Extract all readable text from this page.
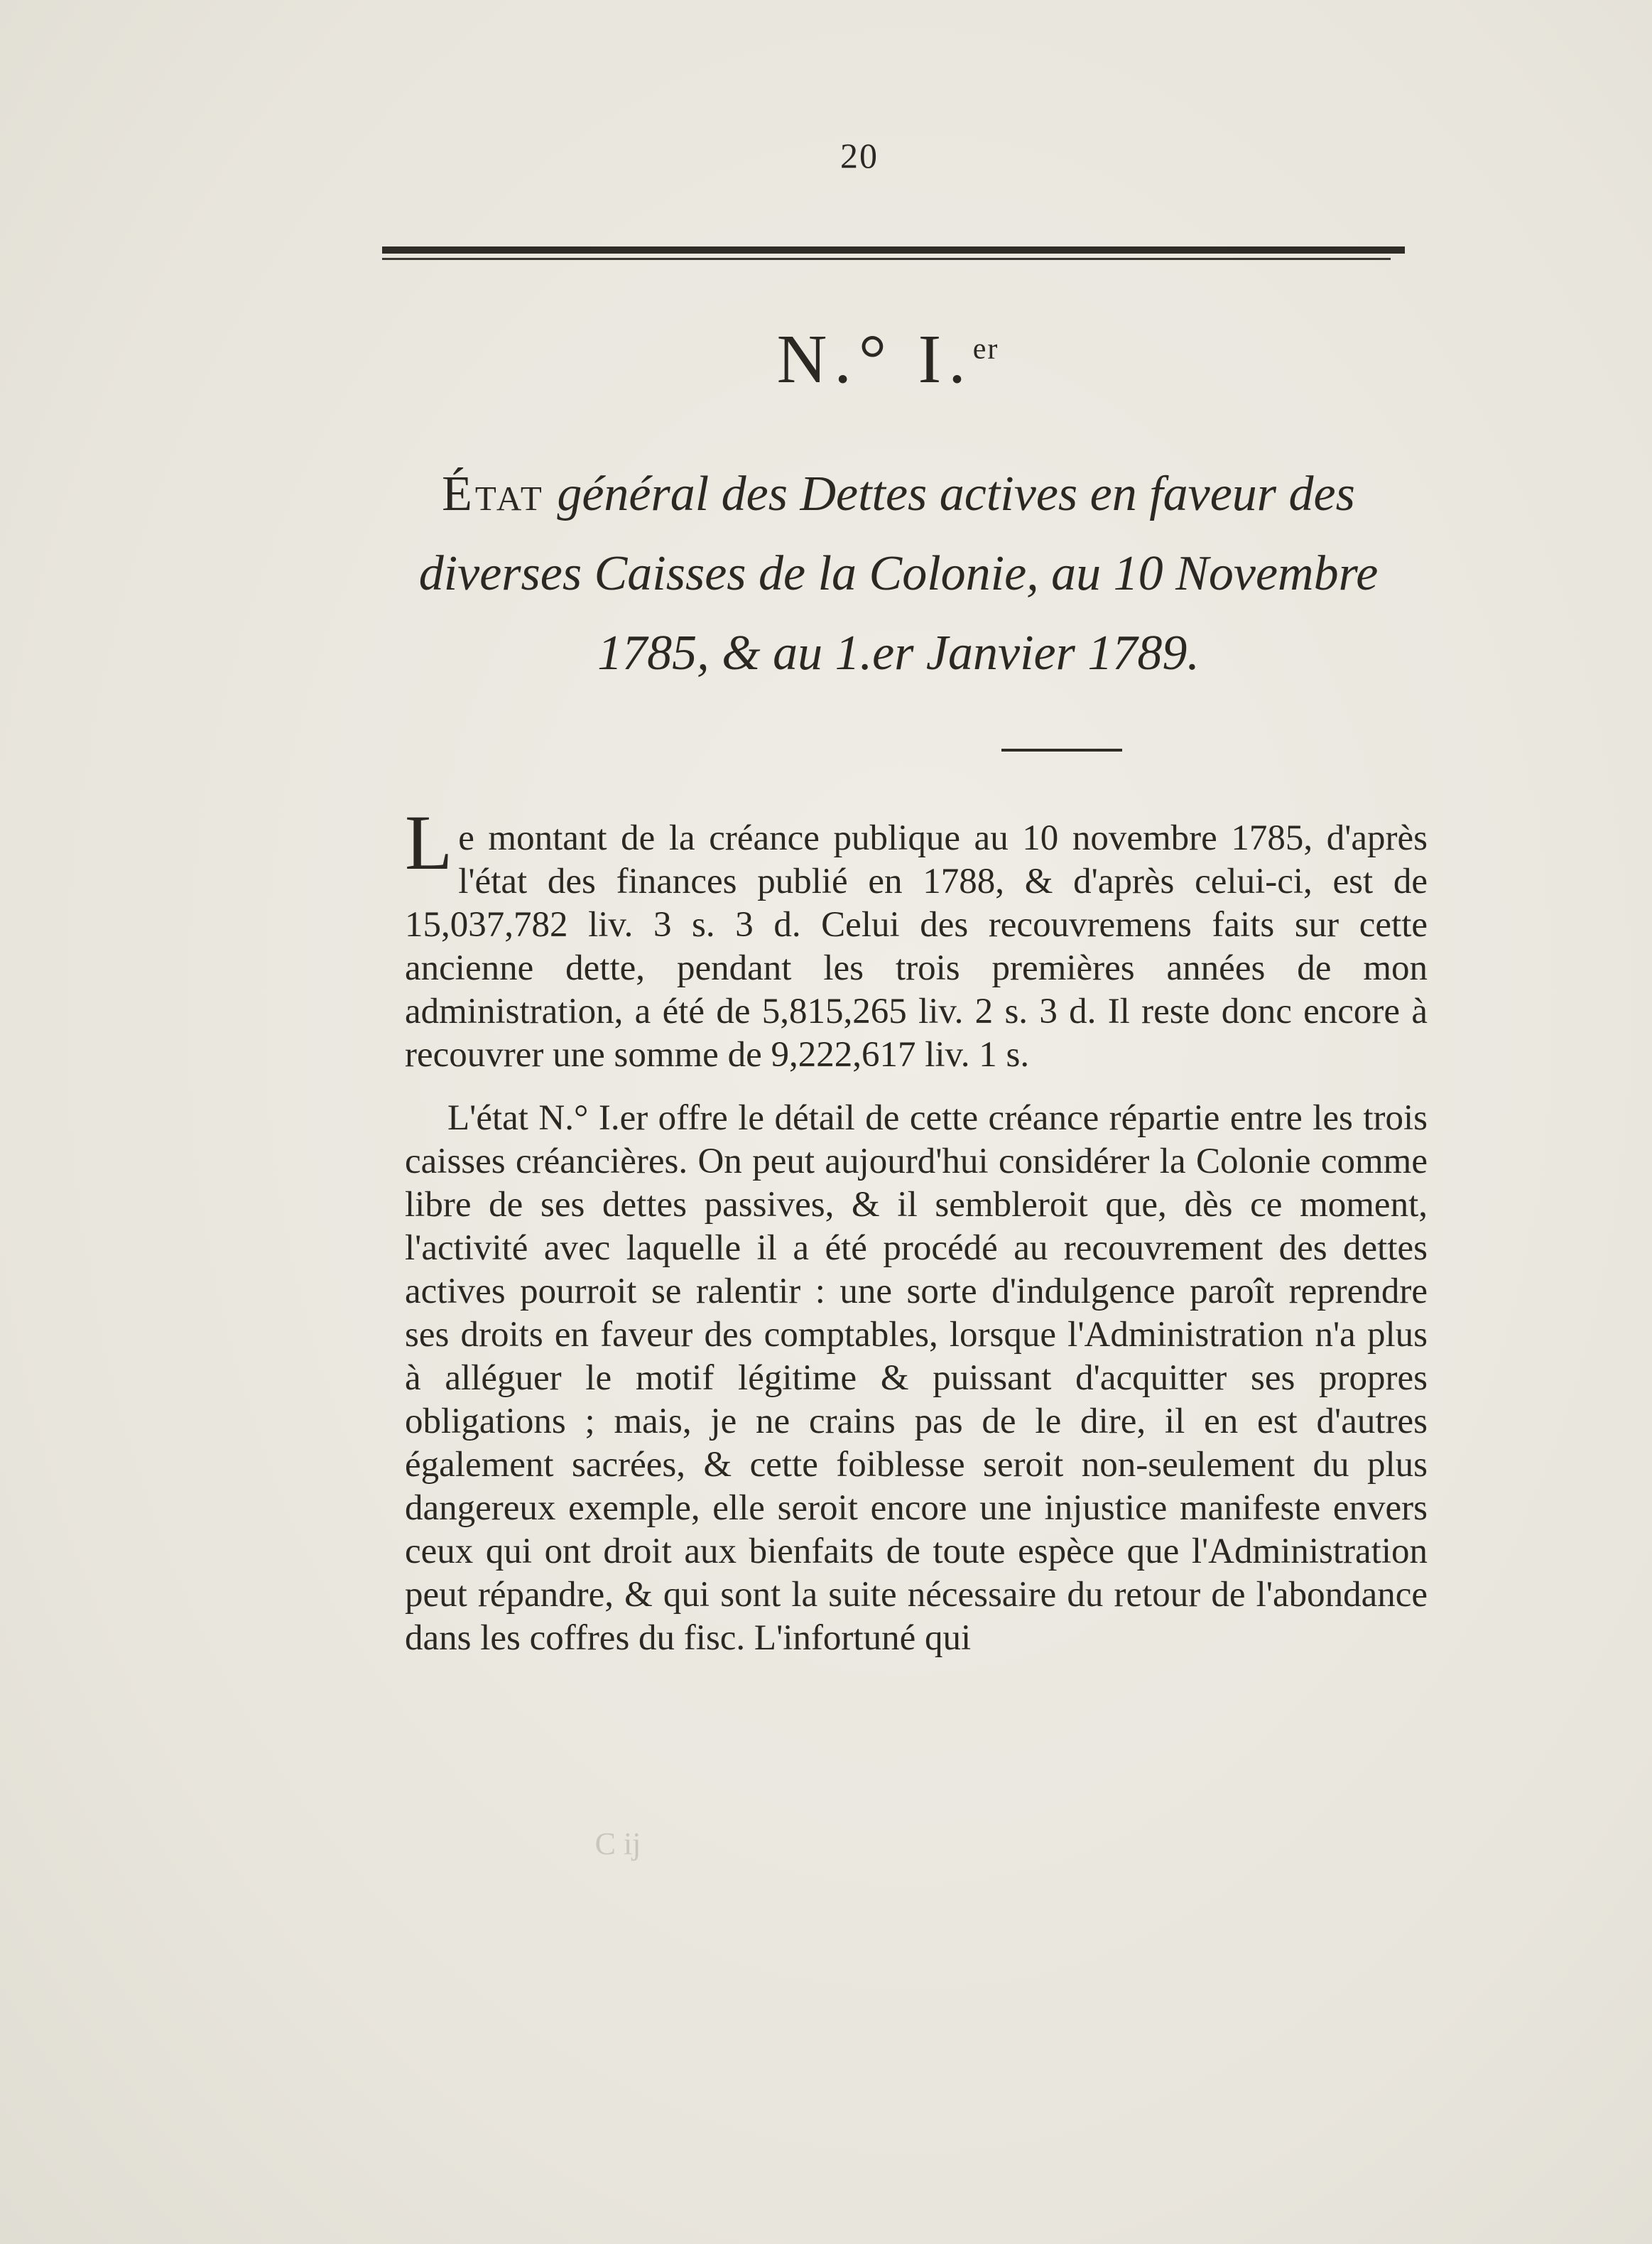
20
N.° I.$^{er}$
État général des Dettes actives en faveur des diverses Caisses de la Colonie, au 10 Novembre 1785, & au 1.er Janvier 1789.

Le montant de la créance publique au 10 novembre 1785, d'après l'état des finances publié en 1788, & d'après celui-ci, est de 15,037,782 liv. 3 s. 3 d. Celui des recouvremens faits sur cette ancienne dette, pendant les trois premières années de mon administration, a été de 5,815,265 liv. 2 s. 3 d. Il reste donc encore à recouvrer une somme de 9,222,617 liv. 1 s.

L'état N.° I.er offre le détail de cette créance répartie entre les trois caisses créancières. On peut aujourd'hui considérer la Colonie comme libre de ses dettes passives, & il sembleroit que, dès ce moment, l'activité avec laquelle il a été procédé au recouvrement des dettes actives pourroit se ralentir : une sorte d'indulgence paroît reprendre ses droits en faveur des comptables, lorsque l'Administration n'a plus à alléguer le motif légitime & puissant d'acquitter ses propres obligations ; mais, je ne crains pas de le dire, il en est d'autres également sacrées, & cette foiblesse seroit non-seulement du plus dangereux exemple, elle seroit encore une injustice manifeste envers ceux qui ont droit aux bienfaits de toute espèce que l'Administration peut répandre, & qui sont la suite nécessaire du retour de l'abondance dans les coffres du fisc. L'infortuné qui

C ij
